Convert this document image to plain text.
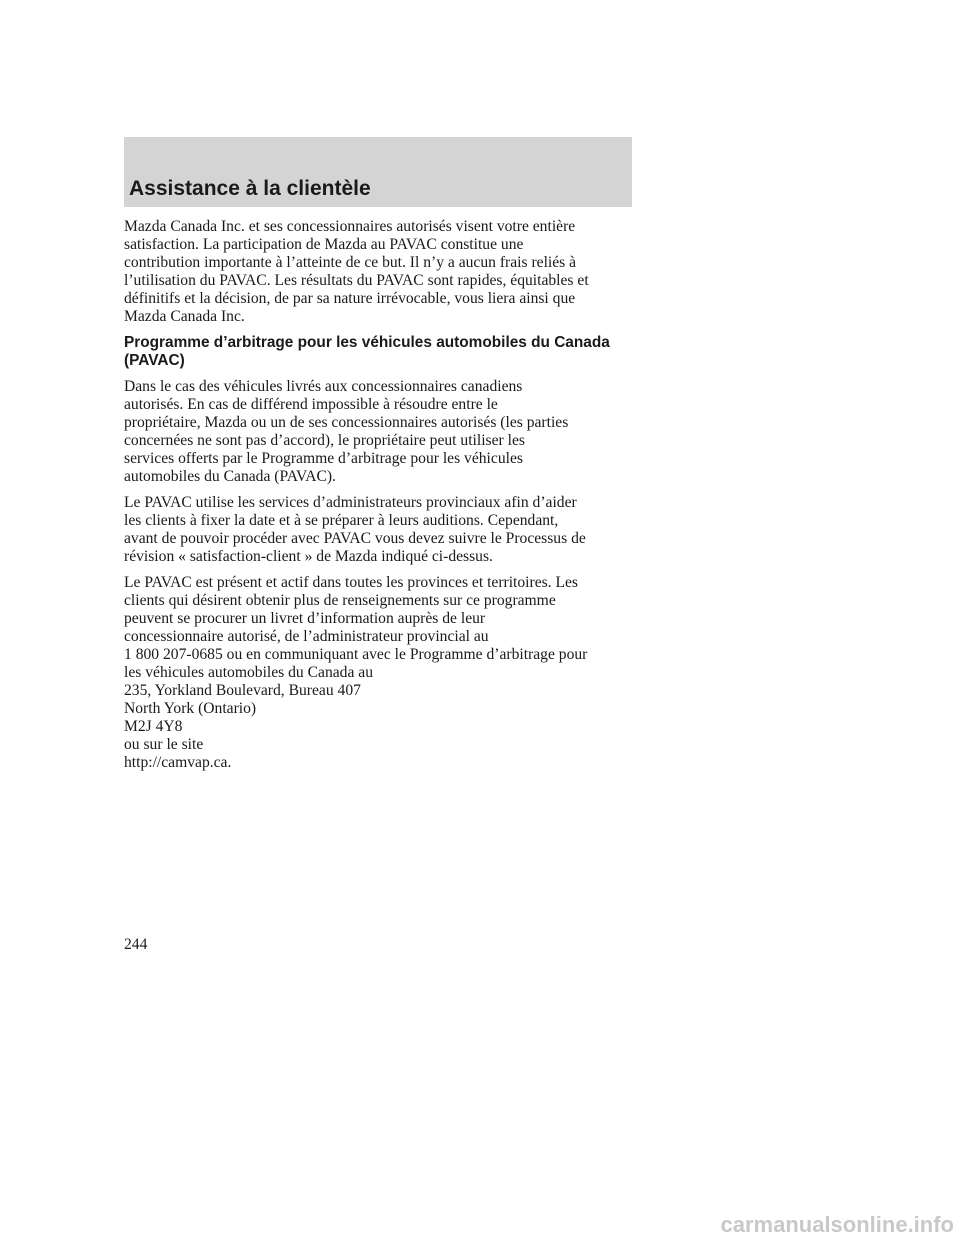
Assistance à la clientèle

Mazda Canada Inc. et ses concessionnaires autorisés visent votre entière
satisfaction. La participation de Mazda au PAVAC constitue une
contribution importante à l’atteinte de ce but. Il n’y a aucun frais reliés à
l’utilisation du PAVAC. Les résultats du PAVAC sont rapides, équitables et
définitifs et la décision, de par sa nature irrévocable, vous liera ainsi que
Mazda Canada Inc.

Programme d’arbitrage pour les véhicules automobiles du Canada
(PAVAC)

Dans le cas des véhicules livrés aux concessionnaires canadiens
autorisés. En cas de différend impossible à résoudre entre le
propriétaire, Mazda ou un de ses concessionnaires autorisés (les parties
concernées ne sont pas d’accord), le propriétaire peut utiliser les
services offerts par le Programme d’arbitrage pour les véhicules
automobiles du Canada (PAVAC).

Le PAVAC utilise les services d’administrateurs provinciaux afin d’aider
les clients à fixer la date et à se préparer à leurs auditions. Cependant,
avant de pouvoir procéder avec PAVAC vous devez suivre le Processus de
révision « satisfaction-client » de Mazda indiqué ci-dessus.

Le PAVAC est présent et actif dans toutes les provinces et territoires. Les
clients qui désirent obtenir plus de renseignements sur ce programme
peuvent se procurer un livret d’information auprès de leur
concessionnaire autorisé, de l’administrateur provincial au
1 800 207-0685 ou en communiquant avec le Programme d’arbitrage pour
les véhicules automobiles du Canada au
235, Yorkland Boulevard, Bureau 407
North York (Ontario)
M2J 4Y8
ou sur le site
http://camvap.ca.

244
carmanualsonline.info
